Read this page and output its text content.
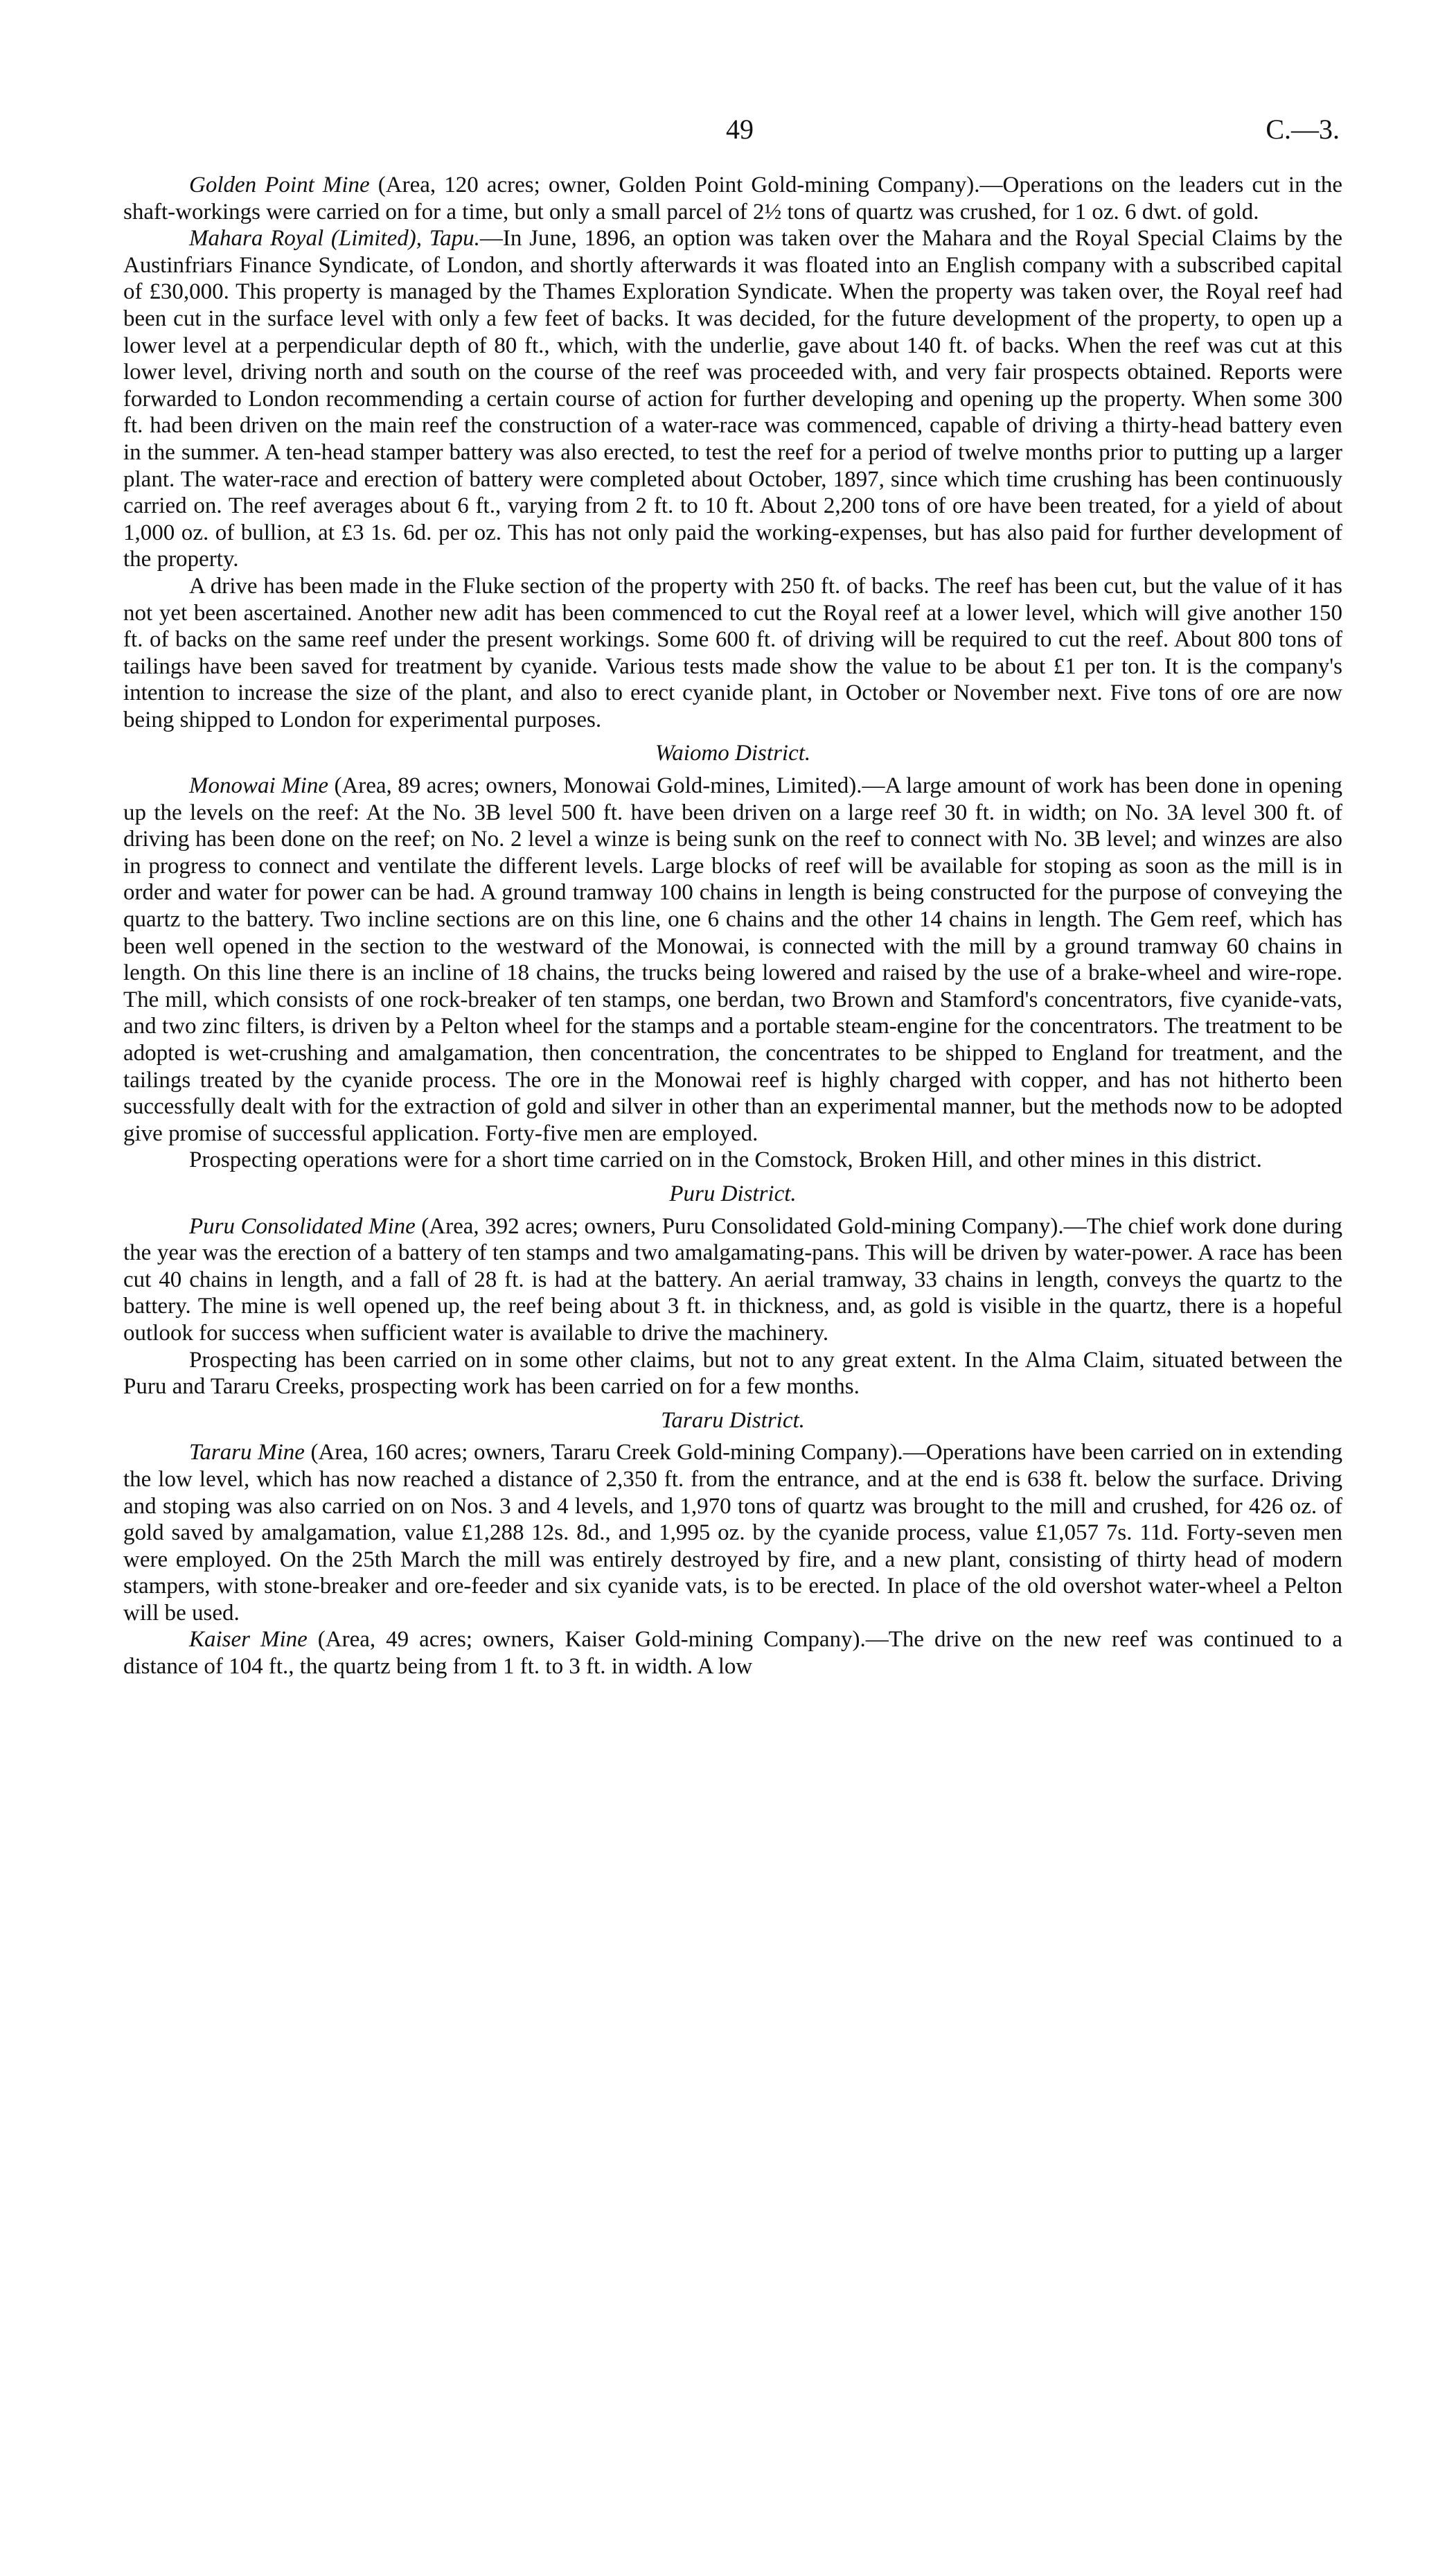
49	C.—3.

Golden Point Mine (Area, 120 acres; owner, Golden Point Gold-mining Company).—Operations on the leaders cut in the shaft-workings were carried on for a time, but only a small parcel of 2½ tons of quartz was crushed, for 1 oz. 6 dwt. of gold.

Mahara Royal (Limited), Tapu.—In June, 1896, an option was taken over the Mahara and the Royal Special Claims by the Austinfriars Finance Syndicate, of London, and shortly afterwards it was floated into an English company with a subscribed capital of £30,000. This property is managed by the Thames Exploration Syndicate. When the property was taken over, the Royal reef had been cut in the surface level with only a few feet of backs. It was decided, for the future development of the property, to open up a lower level at a perpendicular depth of 80 ft., which, with the underlie, gave about 140 ft. of backs. When the reef was cut at this lower level, driving north and south on the course of the reef was proceeded with, and very fair prospects obtained. Reports were forwarded to London recommending a certain course of action for further developing and opening up the property. When some 300 ft. had been driven on the main reef the construction of a water-race was commenced, capable of driving a thirty-head battery even in the summer. A ten-head stamper battery was also erected, to test the reef for a period of twelve months prior to putting up a larger plant. The water-race and erection of battery were completed about October, 1897, since which time crushing has been continuously carried on. The reef averages about 6 ft., varying from 2 ft. to 10 ft. About 2,200 tons of ore have been treated, for a yield of about 1,000 oz. of bullion, at £3 1s. 6d. per oz. This has not only paid the working-expenses, but has also paid for further development of the property.

A drive has been made in the Fluke section of the property with 250 ft. of backs. The reef has been cut, but the value of it has not yet been ascertained. Another new adit has been commenced to cut the Royal reef at a lower level, which will give another 150 ft. of backs on the same reef under the present workings. Some 600 ft. of driving will be required to cut the reef. About 800 tons of tailings have been saved for treatment by cyanide. Various tests made show the value to be about £1 per ton. It is the company's intention to increase the size of the plant, and also to erect cyanide plant, in October or November next. Five tons of ore are now being shipped to London for experimental purposes.

Waiomo District.

Monowai Mine (Area, 89 acres; owners, Monowai Gold-mines, Limited).—A large amount of work has been done in opening up the levels on the reef: At the No. 3B level 500 ft. have been driven on a large reef 30 ft. in width; on No. 3A level 300 ft. of driving has been done on the reef; on No. 2 level a winze is being sunk on the reef to connect with No. 3B level; and winzes are also in progress to connect and ventilate the different levels. Large blocks of reef will be available for stoping as soon as the mill is in order and water for power can be had. A ground tramway 100 chains in length is being constructed for the purpose of conveying the quartz to the battery. Two incline sections are on this line, one 6 chains and the other 14 chains in length. The Gem reef, which has been well opened in the section to the westward of the Monowai, is connected with the mill by a ground tramway 60 chains in length. On this line there is an incline of 18 chains, the trucks being lowered and raised by the use of a brake-wheel and wire-rope. The mill, which consists of one rock-breaker of ten stamps, one berdan, two Brown and Stamford's concentrators, five cyanide-vats, and two zinc filters, is driven by a Pelton wheel for the stamps and a portable steam-engine for the concentrators. The treatment to be adopted is wet-crushing and amalgamation, then concentration, the concentrates to be shipped to England for treatment, and the tailings treated by the cyanide process. The ore in the Monowai reef is highly charged with copper, and has not hitherto been successfully dealt with for the extraction of gold and silver in other than an experimental manner, but the methods now to be adopted give promise of successful application. Forty-five men are employed.

Prospecting operations were for a short time carried on in the Comstock, Broken Hill, and other mines in this district.

Puru District.

Puru Consolidated Mine (Area, 392 acres; owners, Puru Consolidated Gold-mining Company).—The chief work done during the year was the erection of a battery of ten stamps and two amalgamating-pans. This will be driven by water-power. A race has been cut 40 chains in length, and a fall of 28 ft. is had at the battery. An aerial tramway, 33 chains in length, conveys the quartz to the battery. The mine is well opened up, the reef being about 3 ft. in thickness, and, as gold is visible in the quartz, there is a hopeful outlook for success when sufficient water is available to drive the machinery.

Prospecting has been carried on in some other claims, but not to any great extent. In the Alma Claim, situated between the Puru and Tararu Creeks, prospecting work has been carried on for a few months.

Tararu District.

Tararu Mine (Area, 160 acres; owners, Tararu Creek Gold-mining Company).—Operations have been carried on in extending the low level, which has now reached a distance of 2,350 ft. from the entrance, and at the end is 638 ft. below the surface. Driving and stoping was also carried on on Nos. 3 and 4 levels, and 1,970 tons of quartz was brought to the mill and crushed, for 426 oz. of gold saved by amalgamation, value £1,288 12s. 8d., and 1,995 oz. by the cyanide process, value £1,057 7s. 11d. Forty-seven men were employed. On the 25th March the mill was entirely destroyed by fire, and a new plant, consisting of thirty head of modern stampers, with stone-breaker and ore-feeder and six cyanide vats, is to be erected. In place of the old overshot water-wheel a Pelton will be used.

Kaiser Mine (Area, 49 acres; owners, Kaiser Gold-mining Company).—The drive on the new reef was continued to a distance of 104 ft., the quartz being from 1 ft. to 3 ft. in width. A low
